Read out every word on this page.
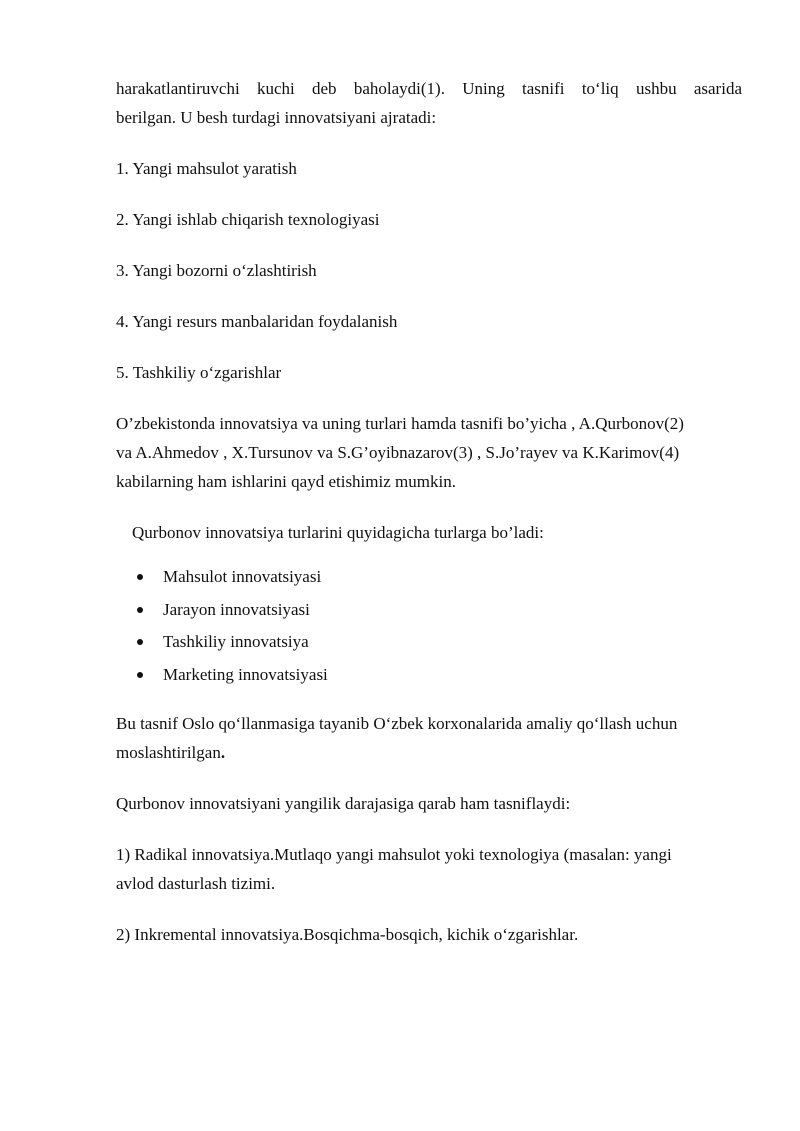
harakatlantiruvchi kuchi deb baholaydi(1). Uning tasnifi to‘liq ushbu asarida

berilgan. U besh turdagi innovatsiyani ajratadi:

1. Yangi mahsulot yaratish

2. Yangi ishlab chiqarish texnologiyasi

3. Yangi bozorni o‘zlashtirish

4. Yangi resurs manbalaridan foydalanish

5. Tashkiliy o‘zgarishlar

O’zbekistonda innovatsiya va uning turlari hamda tasnifi bo’yicha , A.Qurbonov(2)

va A.Ahmedov , X.Tursunov va S.G’oyibnazarov(3) , S.Jo’rayev va K.Karimov(4)

kabilarning ham ishlarini qayd etishimiz mumkin.

Qurbonov innovatsiya turlarini quyidagicha turlarga bo’ladi:

Mahsulot innovatsiyasi
Jarayon innovatsiyasi
Tashkiliy innovatsiya
Marketing innovatsiyasi

Bu tasnif Oslo qo‘llanmasiga tayanib O‘zbek korxonalarida amaliy qo‘llash uchun

moslashtirilgan.

Qurbonov innovatsiyani yangilik darajasiga qarab ham tasniflaydi:

1) Radikal innovatsiya.Mutlaqo yangi mahsulot yoki texnologiya (masalan: yangi

avlod dasturlash tizimi.

2) Inkremental innovatsiya.Bosqichma-bosqich, kichik o‘zgarishlar.
